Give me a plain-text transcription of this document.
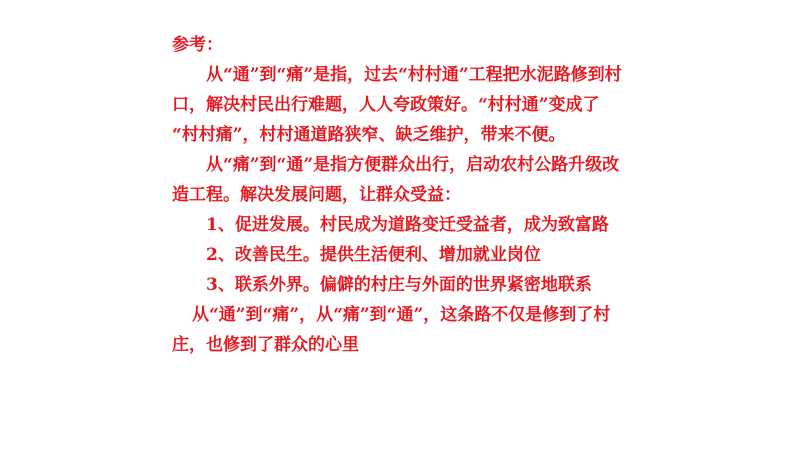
参考：

从“通”到“痛”是指，过去“村村通”工程把水泥路修到村

口，解决村民出行难题，人人夸政策好。“村村通”变成了

“村村痛”，村村通道路狭窄、缺乏维护，带来不便。

从“痛”到“通”是指方便群众出行，启动农村公路升级改

造工程。解决发展问题，让群众受益：

1、促进发展。村民成为道路变迁受益者，成为致富路

2、改善民生。提供生活便利、增加就业岗位

3、联系外界。偏僻的村庄与外面的世界紧密地联系

从“通”到“痛”，从“痛”到“通”，这条路不仅是修到了村

庄，也修到了群众的心里
